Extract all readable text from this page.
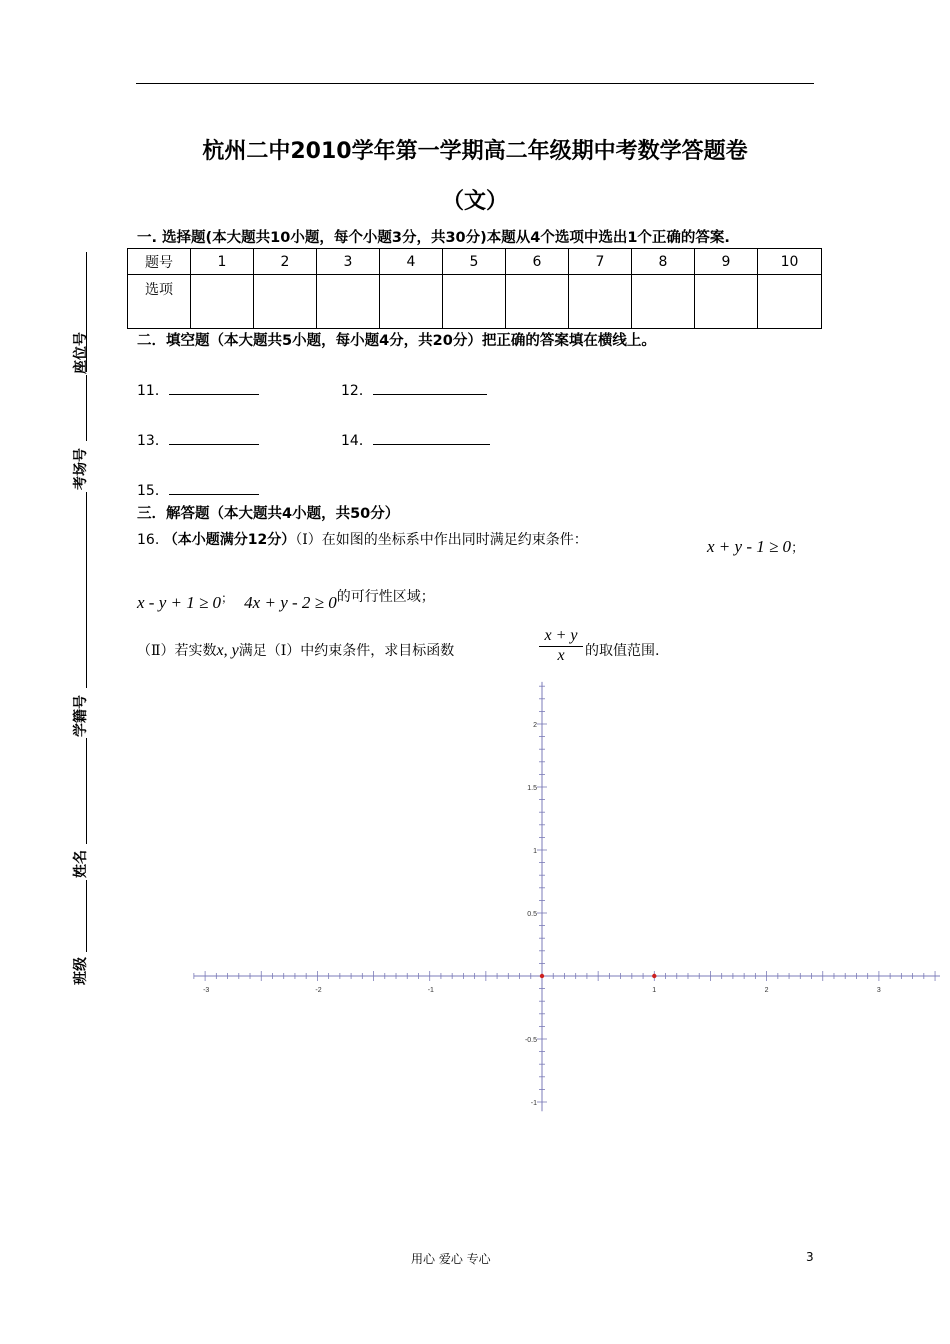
杭州二中2010学年第一学期高二年级期中考数学答题卷
（文）
一. 选择题(本大题共10小题，每个小题3分，共30分)本题从4个选项中选出1个正确的答案.
题号	1	2	3	4	5	6	7	8	9	10
选项										
二．填空题（本大题共5小题，每小题4分，共20分）把正确的答案填在横线上。
11．	12．
13．	14．
15．
三．解答题（本大题共4小题，共50分）
16. （本小题满分12分）（Ⅰ）在如图的坐标系中作出同时满足约束条件：	x + y - 1 ≥ 0；
x - y + 1 ≥ 0； 4x + y - 2 ≥ 0的可行性区域；
（Ⅱ）若实数x, y满足（Ⅰ）中约束条件，求目标函数	$\frac{x + y}{x}$ 的取值范围.
-3	-2	-1	1	2	3
2
1.5
1
0.5
-0.5
-1
座位号
考场号
学籍号
姓名
班级
用心 爱心 专心	3
